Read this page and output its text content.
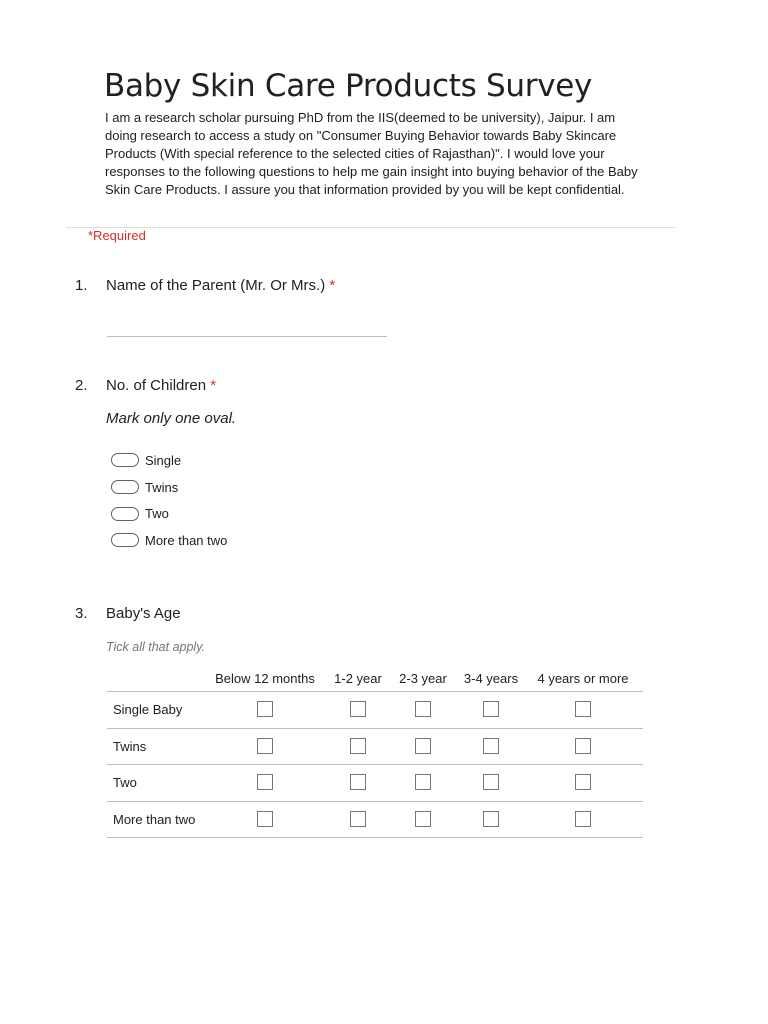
Baby Skin Care Products Survey

I am a research scholar pursuing PhD from the IIS(deemed to be university), Jaipur. I am doing research to access a study on "Consumer Buying Behavior towards Baby Skincare Products (With special reference to the selected cities of Rajasthan)". I would love your responses to the following questions to help me gain insight into buying behavior of the Baby Skin Care Products. I assure you that information provided by you will be kept confidential.

*Required
1. Name of the Parent (Mr. Or Mrs.) *
2. No. of Children *
Mark only one oval.
Single
Twins
Two
More than two
3. Baby's Age
Tick all that apply.
Below 12 months 1-2 year 2-3 year 3-4 years 4 years or more
Single Baby
Twins
Two
More than two
